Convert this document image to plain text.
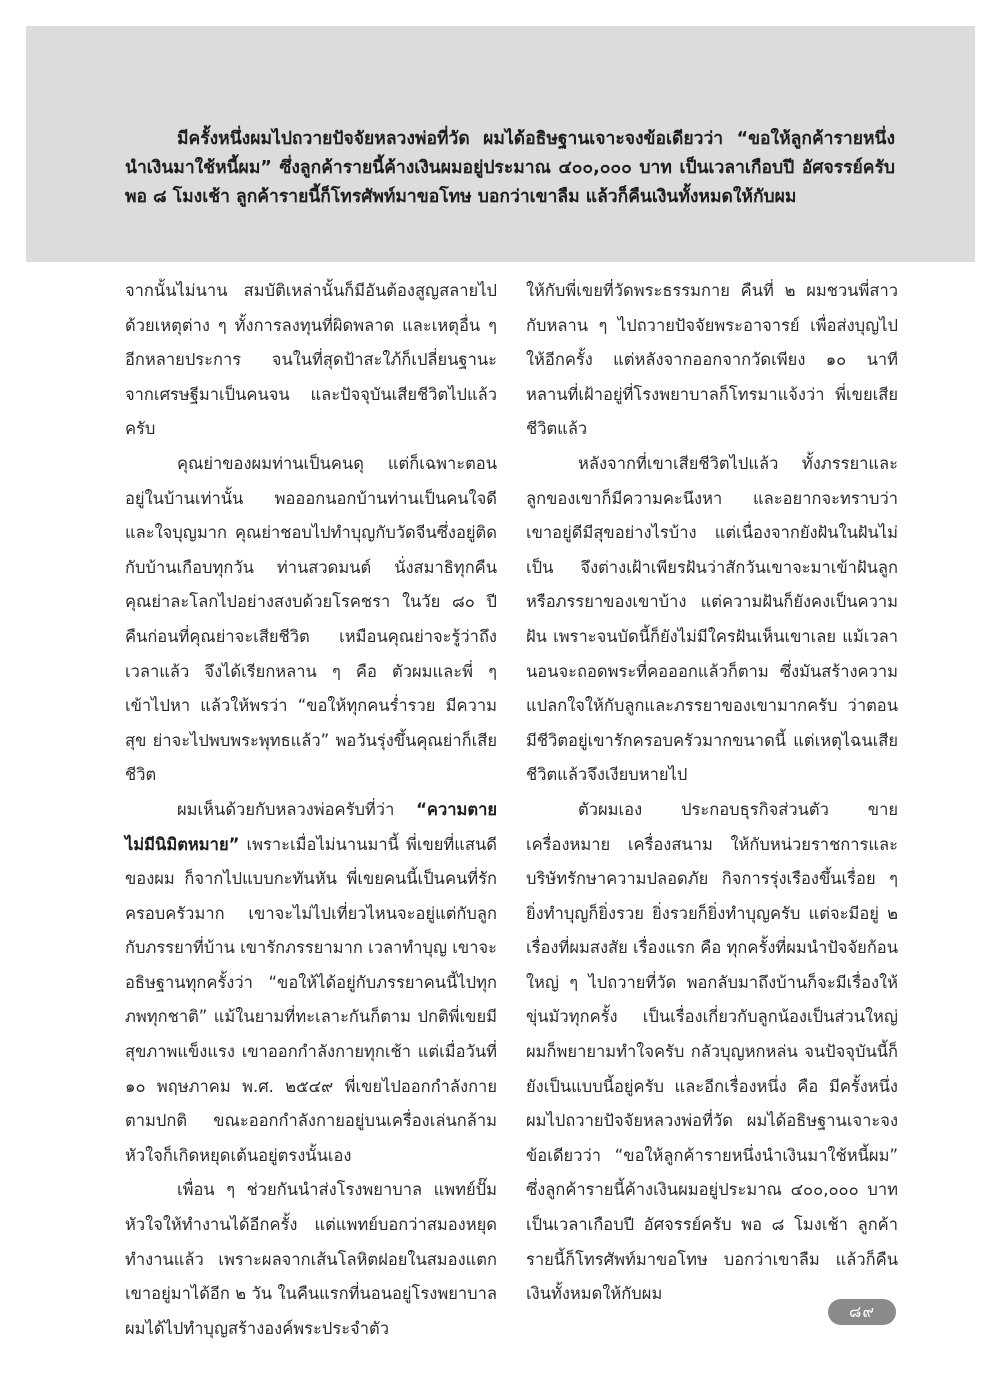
มีครั้งหนึ่งผมไปถวายปัจจัยหลวงพ่อที่วัด ผมได้อธิษฐานเจาะจงข้อเดียวว่า “ขอให้ลูกค้ารายหนึ่ง นำเงินมาใช้หนี้ผม” ซึ่งลูกค้ารายนี้ค้างเงินผมอยู่ประมาณ ๔๐๐,๐๐๐ บาท เป็นเวลาเกือบปี อัศจรรย์ครับ พอ ๘ โมงเช้า ลูกค้ารายนี้ก็โทรศัพท์มาขอโทษ บอกว่าเขาลืม แล้วก็คืนเงินทั้งหมดให้กับผม

จากนั้นไม่นาน สมบัติเหล่านั้นก็มีอันต้องสูญสลายไปด้วยเหตุต่าง ๆ ทั้งการลงทุนที่ผิดพลาด และเหตุอื่น ๆ อีกหลายประการ จนในที่สุดป้าสะใภ้ก็เปลี่ยนฐานะจากเศรษฐีมาเป็นคนจน และปัจจุบันเสียชีวิตไปแล้วครับ

คุณย่าของผมท่านเป็นคนดุ แต่ก็เฉพาะตอนอยู่ในบ้านเท่านั้น พอออกนอกบ้านท่านเป็นคนใจดีและใจบุญมาก คุณย่าชอบไปทำบุญกับวัดจีนซึ่งอยู่ติดกับบ้านเกือบทุกวัน ท่านสวดมนต์ นั่งสมาธิทุกคืน คุณย่าละโลกไปอย่างสงบด้วยโรคชรา ในวัย ๘๐ ปี คืนก่อนที่คุณย่าจะเสียชีวิต เหมือนคุณย่าจะรู้ว่าถึงเวลาแล้ว จึงได้เรียกหลาน ๆ คือ ตัวผมและพี่ ๆ เข้าไปหา แล้วให้พรว่า “ขอให้ทุกคนร่ำรวย มีความสุข ย่าจะไปพบพระพุทธแล้ว” พอวันรุ่งขึ้นคุณย่าก็เสียชีวิต

ผมเห็นด้วยกับหลวงพ่อครับที่ว่า “ความตายไม่มีนิมิตหมาย” เพราะเมื่อไม่นานมานี้ พี่เขยที่แสนดีของผม ก็จากไปแบบกะทันหัน พี่เขยคนนี้เป็นคนที่รักครอบครัวมาก เขาจะไม่ไปเที่ยวไหนจะอยู่แต่กับลูกกับภรรยาที่บ้าน เขารักภรรยามาก เวลาทำบุญ เขาจะอธิษฐานทุกครั้งว่า “ขอให้ได้อยู่กับภรรยาคนนี้ไปทุกภพทุกชาติ” แม้ในยามที่ทะเลาะกันก็ตาม ปกติพี่เขยมีสุขภาพแข็งแรง เขาออกกำลังกายทุกเช้า แต่เมื่อวันที่ ๑๐ พฤษภาคม พ.ศ. ๒๕๔๙ พี่เขยไปออกกำลังกายตามปกติ ขณะออกกำลังกายอยู่บนเครื่องเล่นกล้าม หัวใจก็เกิดหยุดเต้นอยู่ตรงนั้นเอง

เพื่อน ๆ ช่วยกันนำส่งโรงพยาบาล แพทย์ปั๊มหัวใจให้ทำงานได้อีกครั้ง แต่แพทย์บอกว่าสมองหยุดทำงานแล้ว เพราะผลจากเส้นโลหิตฝอยในสมองแตก เขาอยู่มาได้อีก ๒ วัน ในคืนแรกที่นอนอยู่โรงพยาบาล ผมได้ไปทำบุญสร้างองค์พระประจำตัว

ให้กับพี่เขยที่วัดพระธรรมกาย คืนที่ ๒ ผมชวนพี่สาวกับหลาน ๆ ไปถวายปัจจัยพระอาจารย์ เพื่อส่งบุญไปให้อีกครั้ง แต่หลังจากออกจากวัดเพียง ๑๐ นาที หลานที่เฝ้าอยู่ที่โรงพยาบาลก็โทรมาแจ้งว่า พี่เขยเสียชีวิตแล้ว

หลังจากที่เขาเสียชีวิตไปแล้ว ทั้งภรรยาและลูกของเขาก็มีความคะนึงหา และอยากจะทราบว่า เขาอยู่ดีมีสุขอย่างไรบ้าง แต่เนื่องจากยังฝันในฝันไม่เป็น จึงต่างเฝ้าเพียรฝันว่าสักวันเขาจะมาเข้าฝันลูกหรือภรรยาของเขาบ้าง แต่ความฝันก็ยังคงเป็นความฝัน เพราะจนบัดนี้ก็ยังไม่มีใครฝันเห็นเขาเลย แม้เวลานอนจะถอดพระที่คอออกแล้วก็ตาม ซึ่งมันสร้างความแปลกใจให้กับลูกและภรรยาของเขามากครับ ว่าตอนมีชีวิตอยู่เขารักครอบครัวมากขนาดนี้ แต่เหตุไฉนเสียชีวิตแล้วจึงเงียบหายไป

ตัวผมเอง ประกอบธุรกิจส่วนตัว ขายเครื่องหมาย เครื่องสนาม ให้กับหน่วยราชการและบริษัทรักษาความปลอดภัย กิจการรุ่งเรืองขึ้นเรื่อย ๆ ยิ่งทำบุญก็ยิ่งรวย ยิ่งรวยก็ยิ่งทำบุญครับ แต่จะมีอยู่ ๒ เรื่องที่ผมสงสัย เรื่องแรก คือ ทุกครั้งที่ผมนำปัจจัยก้อนใหญ่ ๆ ไปถวายที่วัด พอกลับมาถึงบ้านก็จะมีเรื่องให้ขุ่นมัวทุกครั้ง เป็นเรื่องเกี่ยวกับลูกน้องเป็นส่วนใหญ่ ผมก็พยายามทำใจครับ กลัวบุญหกหล่น จนปัจจุบันนี้ก็ยังเป็นแบบนี้อยู่ครับ และอีกเรื่องหนึ่ง คือ มีครั้งหนึ่งผมไปถวายปัจจัยหลวงพ่อที่วัด ผมได้อธิษฐานเจาะจงข้อเดียวว่า “ขอให้ลูกค้ารายหนึ่งนำเงินมาใช้หนี้ผม” ซึ่งลูกค้ารายนี้ค้างเงินผมอยู่ประมาณ ๔๐๐,๐๐๐ บาท เป็นเวลาเกือบปี อัศจรรย์ครับ พอ ๘ โมงเช้า ลูกค้ารายนี้ก็โทรศัพท์มาขอโทษ บอกว่าเขาลืม แล้วก็คืนเงินทั้งหมดให้กับผม

๘๙
